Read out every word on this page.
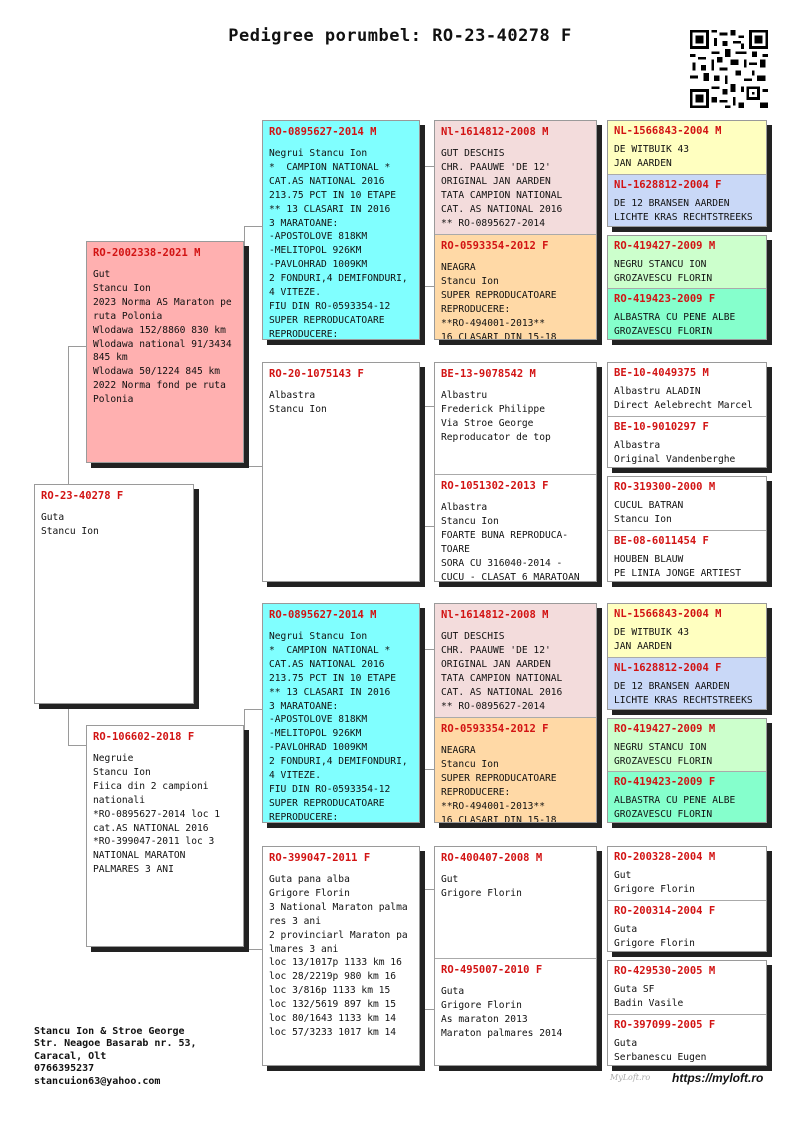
Pedigree porumbel: RO-23-40278 F
RO-23-40278 F
Guta
Stancu Ion
RO-2002338-2021 M
Gut
Stancu Ion
2023 Norma AS Maraton pe
ruta Polonia
Wlodawa 152/8860 830 km
Wlodawa national 91/3434
845 km
Wlodawa 50/1224 845 km
2022 Norma fond pe ruta
Polonia
RO-106602-2018 F
Negruie
Stancu Ion
Fiica din 2 campioni
nationali
*RO-0895627-2014 loc 1
cat.AS NATIONAL 2016
*RO-399047-2011 loc 3
NATIONAL MARATON
PALMARES 3 ANI
RO-0895627-2014 M
Negrui Stancu Ion
*  CAMPION NATIONAL *
CAT.AS NATIONAL 2016
213.75 PCT IN 10 ETAPE
** 13 CLASARI IN 2016
3 MARATOANE:
-APOSTOLOVE 818KM
-MELITOPOL 926KM
-PAVLOHRAD 1009KM
2 FONDURI,4 DEMIFONDURI,
4 VITEZE.
FIU DIN RO-0593354-12
SUPER REPRODUCATOARE
REPRODUCERE:
RO-20-1075143 F
Albastra
Stancu Ion
RO-0895627-2014 M
Negrui Stancu Ion
*  CAMPION NATIONAL *
CAT.AS NATIONAL 2016
213.75 PCT IN 10 ETAPE
** 13 CLASARI IN 2016
3 MARATOANE:
-APOSTOLOVE 818KM
-MELITOPOL 926KM
-PAVLOHRAD 1009KM
2 FONDURI,4 DEMIFONDURI,
4 VITEZE.
FIU DIN RO-0593354-12
SUPER REPRODUCATOARE
REPRODUCERE:
RO-399047-2011 F
Guta pana alba
Grigore Florin
3 National Maraton palma
res 3 ani
2 provinciarl Maraton pa
lmares 3 ani
loc 13/1017p 1133 km 16
loc 28/2219p 980 km 16
loc 3/816p 1133 km 15
loc 132/5619 897 km 15
loc 80/1643 1133 km 14
loc 57/3233 1017 km 14
Nl-1614812-2008 M
GUT DESCHIS
CHR. PAAUWE 'DE 12'
ORIGINAL JAN AARDEN
TATA CAMPION NATIONAL
CAT. AS NATIONAL 2016
** RO-0895627-2014
RO-0593354-2012 F
NEAGRA
Stancu Ion
SUPER REPRODUCATOARE
REPRODUCERE:
**RO-494001-2013**
16 CLASARI DIN 15-18
BE-13-9078542 M
Albastru
Frederick Philippe
Via Stroe George
Reproducator de top
RO-1051302-2013 F
Albastra
Stancu Ion
FOARTE BUNA REPRODUCA-
TOARE
SORA CU 316040-2014 -
CUCU - CLASAT 6 MARATOAN
Nl-1614812-2008 M
GUT DESCHIS
CHR. PAAUWE 'DE 12'
ORIGINAL JAN AARDEN
TATA CAMPION NATIONAL
CAT. AS NATIONAL 2016
** RO-0895627-2014
RO-0593354-2012 F
NEAGRA
Stancu Ion
SUPER REPRODUCATOARE
REPRODUCERE:
**RO-494001-2013**
16 CLASARI DIN 15-18
RO-400407-2008 M
Gut
Grigore Florin
RO-495007-2010 F
Guta
Grigore Florin
As maraton 2013
Maraton palmares 2014
NL-1566843-2004 M
DE WITBUIK 43
JAN AARDEN
NL-1628812-2004 F
DE 12 BRANSEN AARDEN
LICHTE KRAS RECHTSTREEKS
RO-419427-2009 M
NEGRU STANCU ION
GROZAVESCU FLORIN
RO-419423-2009 F
ALBASTRA CU PENE ALBE
GROZAVESCU FLORIN
BE-10-4049375 M
Albastru ALADIN
Direct Aelebrecht Marcel
BE-10-9010297 F
Albastra
Original Vandenberghe
RO-319300-2000 M
CUCUL BATRAN
Stancu Ion
BE-08-6011454 F
HOUBEN BLAUW
PE LINIA JONGE ARTIEST
NL-1566843-2004 M
DE WITBUIK 43
JAN AARDEN
NL-1628812-2004 F
DE 12 BRANSEN AARDEN
LICHTE KRAS RECHTSTREEKS
RO-419427-2009 M
NEGRU STANCU ION
GROZAVESCU FLORIN
RO-419423-2009 F
ALBASTRA CU PENE ALBE
GROZAVESCU FLORIN
RO-200328-2004 M
Gut
Grigore Florin
RO-200314-2004 F
Guta
Grigore Florin
RO-429530-2005 M
Guta SF
Badin Vasile
RO-397099-2005 F
Guta
Serbanescu Eugen
Stancu Ion & Stroe George
Str. Neagoe Basarab nr. 53,
Caracal, Olt
0766395237
stancuion63@yahoo.com	MyLoft.ro https://myloft.ro
